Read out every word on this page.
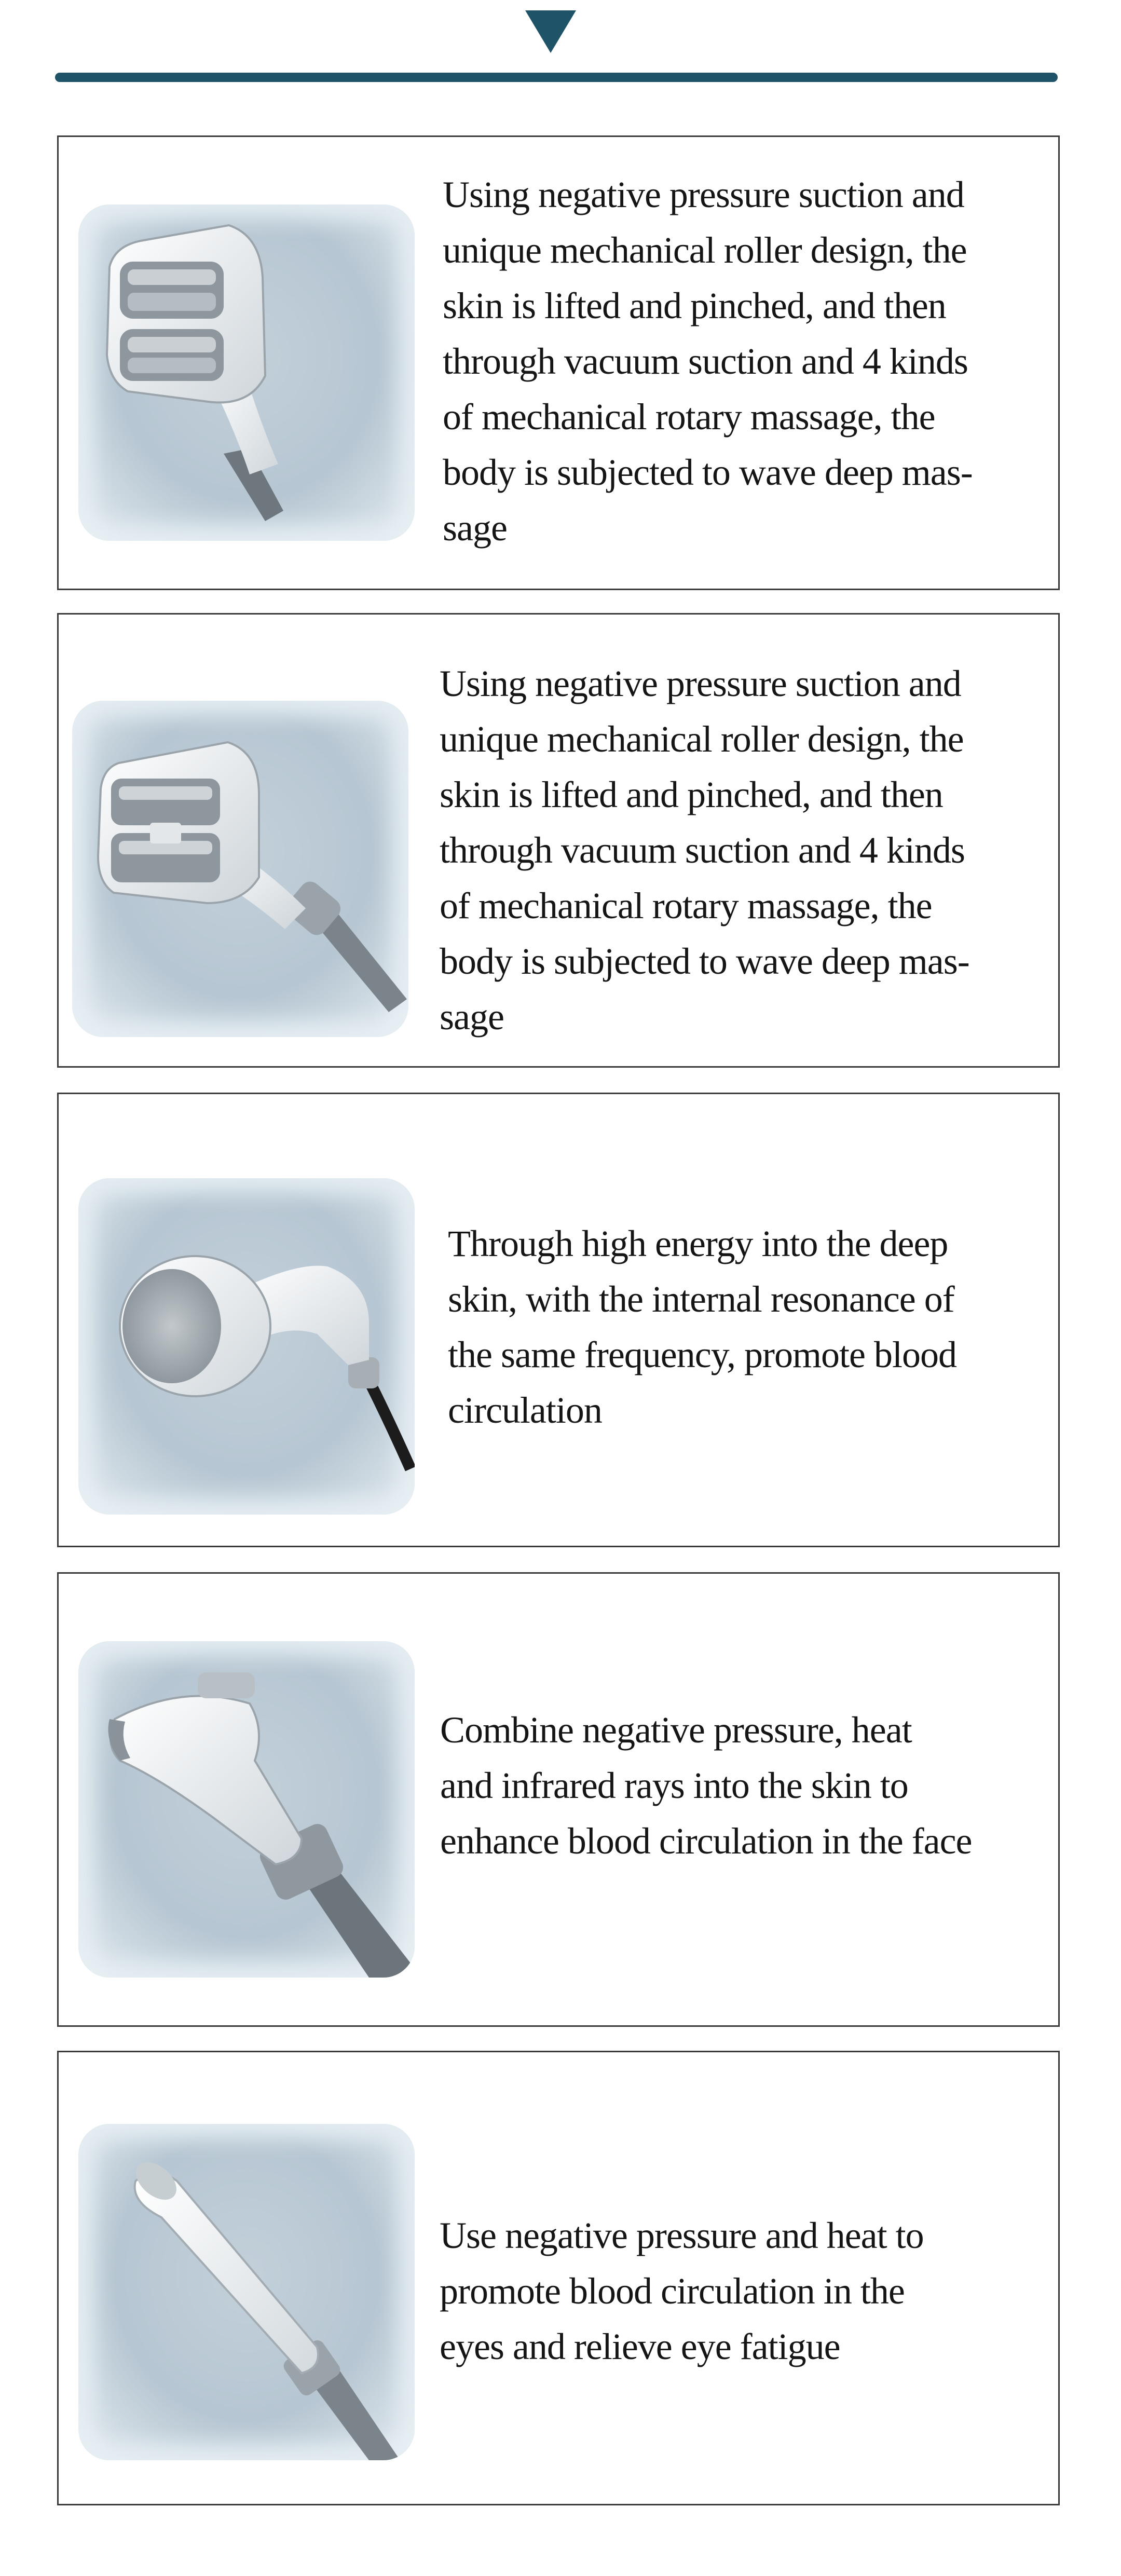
Using negative pressure suction and
unique mechanical roller design, the
skin is lifted and pinched, and then
through vacuum suction and 4 kinds
of mechanical rotary massage, the
body is subjected to wave deep mas-
sage
Using negative pressure suction and
unique mechanical roller design, the
skin is lifted and pinched, and then
through vacuum suction and 4 kinds
of mechanical rotary massage, the
body is subjected to wave deep mas-
sage
Through high energy into the deep
skin, with the internal resonance of
the same frequency, promote blood
circulation
Combine negative pressure, heat
and infrared rays into the skin to
enhance blood circulation in the face
Use negative pressure and heat to
promote blood circulation in the
eyes and relieve eye fatigue
